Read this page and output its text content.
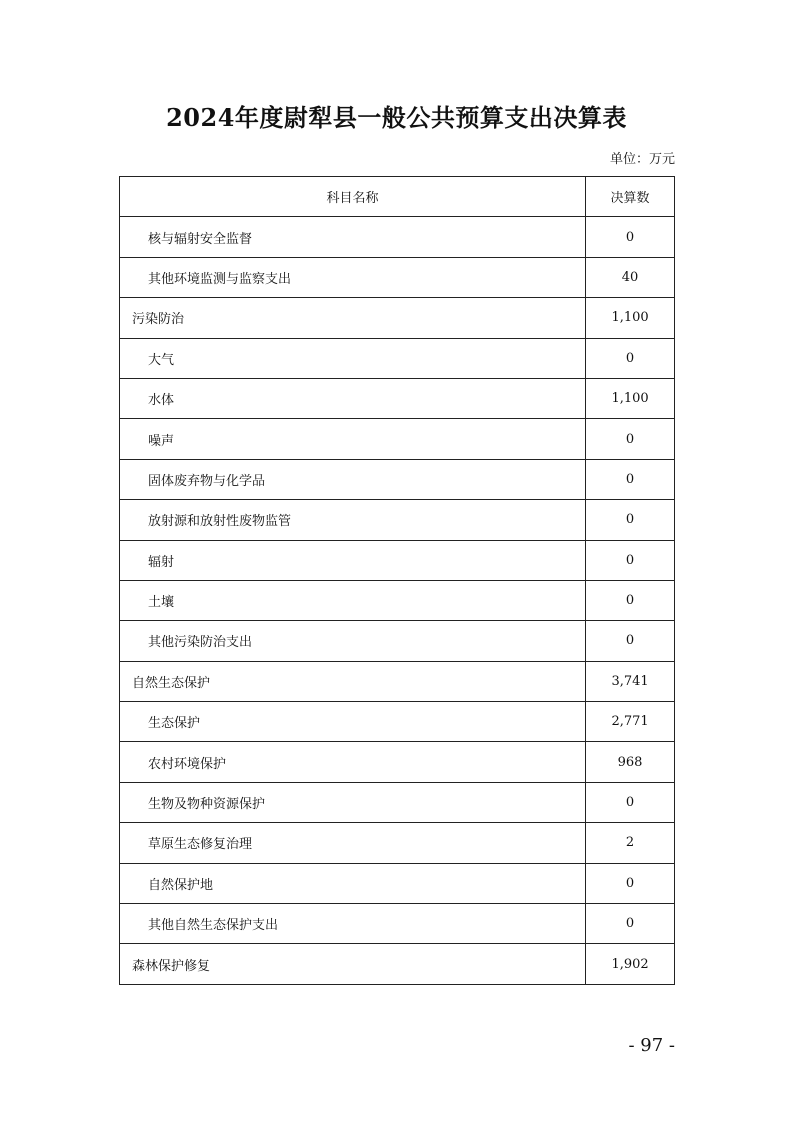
2024年度尉犁县一般公共预算支出决算表
单位：万元
科目名称	决算数
核与辐射安全监督	0
其他环境监测与监察支出	40
污染防治	1,100
大气	0
水体	1,100
噪声	0
固体废弃物与化学品	0
放射源和放射性废物监管	0
辐射	0
土壤	0
其他污染防治支出	0
自然生态保护	3,741
生态保护	2,771
农村环境保护	968
生物及物种资源保护	0
草原生态修复治理	2
自然保护地	0
其他自然生态保护支出	0
森林保护修复	1,902
- 97 -
